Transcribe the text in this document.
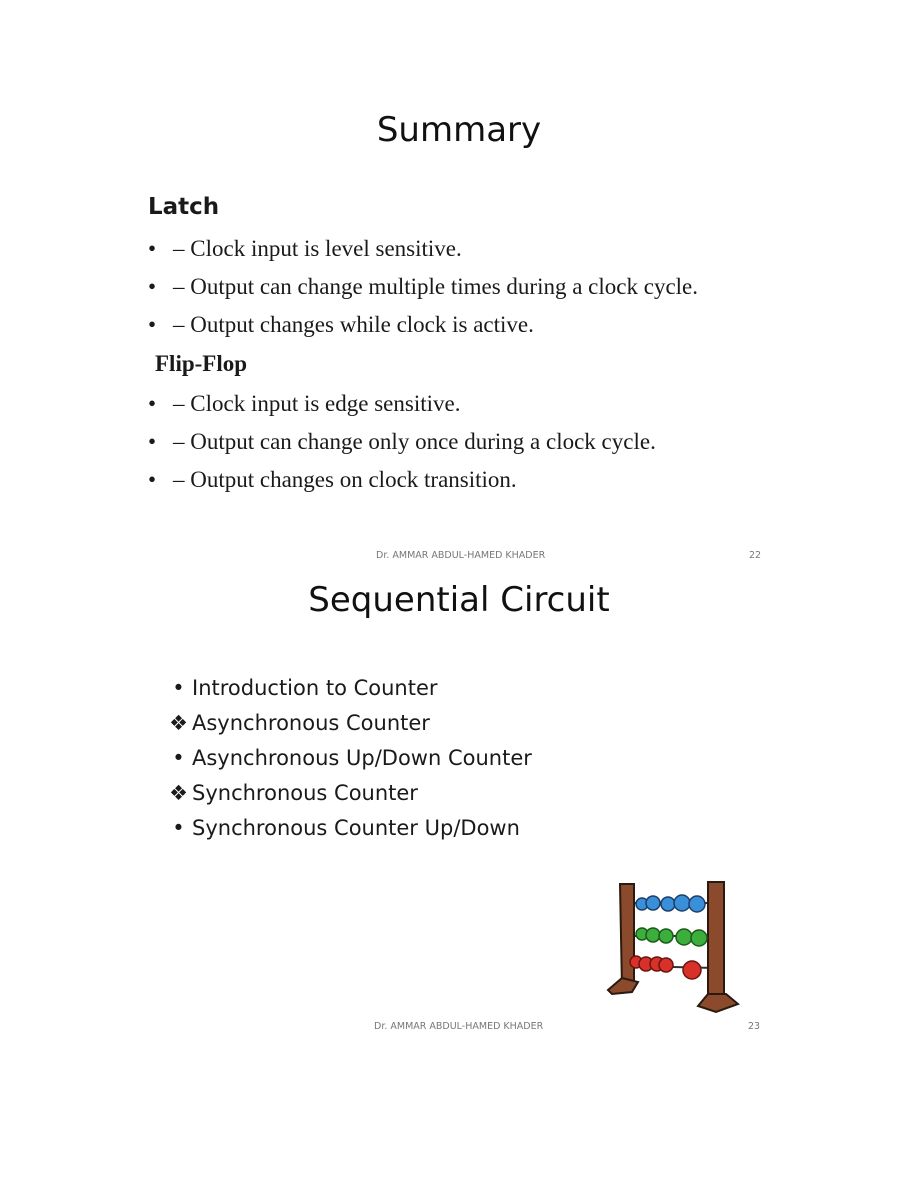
Summary
Latch
• – Clock input is level sensitive.
• – Output can change multiple times during a clock cycle.
• – Output changes while clock is active.
Flip-Flop
• – Clock input is edge sensitive.
• – Output can change only once during a clock cycle.
• – Output changes on clock transition.
Dr. AMMAR ABDUL-HAMED KHADER	22
Sequential Circuit
• Introduction to Counter
❖ Asynchronous Counter
• Asynchronous Up/Down Counter
❖ Synchronous Counter
• Synchronous Counter Up/Down
Dr. AMMAR ABDUL-HAMED KHADER	23
